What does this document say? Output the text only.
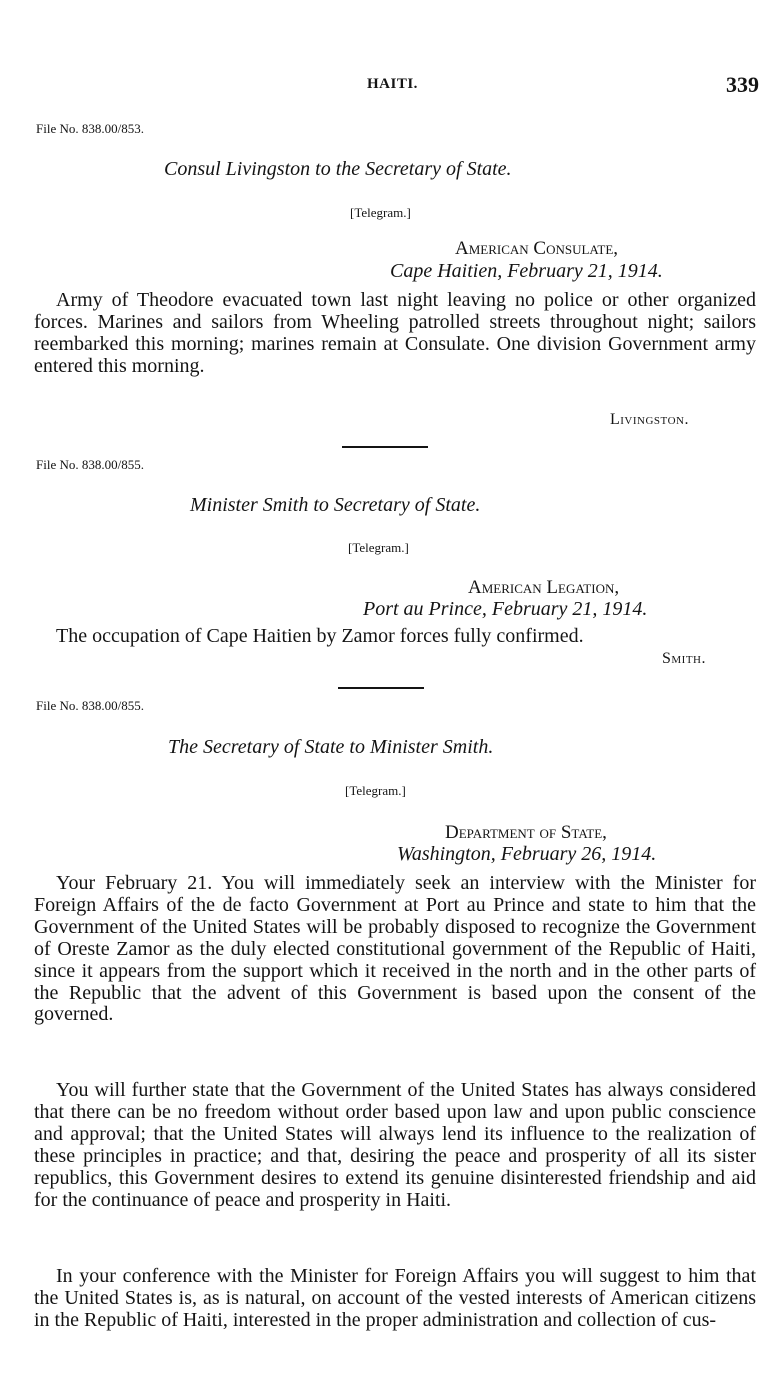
HAITI.	339
File No. 838.00/853.
Consul Livingston to the Secretary of State.
[Telegram.]
American Consulate,
Cape Haitien, February 21, 1914.

Army of Theodore evacuated town last night leaving no police or other organized forces. Marines and sailors from Wheeling patrolled streets throughout night; sailors reembarked this morning; marines remain at Consulate. One division Government army entered this morning.

Livingston.
File No. 838.00/855.
Minister Smith to Secretary of State.
[Telegram.]
American Legation,
Port au Prince, February 21, 1914.

The occupation of Cape Haitien by Zamor forces fully confirmed.

Smith.
File No. 838.00/855.
The Secretary of State to Minister Smith.
[Telegram.]
Department of State,
Washington, February 26, 1914.

Your February 21. You will immediately seek an interview with the Minister for Foreign Affairs of the de facto Government at Port au Prince and state to him that the Government of the United States will be probably disposed to recognize the Government of Oreste Zamor as the duly elected constitutional government of the Republic of Haiti, since it appears from the support which it received in the north and in the other parts of the Republic that the advent of this Government is based upon the consent of the governed.

You will further state that the Government of the United States has always considered that there can be no freedom without order based upon law and upon public conscience and approval; that the United States will always lend its influence to the realization of these principles in practice; and that, desiring the peace and prosperity of all its sister republics, this Government desires to extend its genuine disinterested friendship and aid for the continuance of peace and prosperity in Haiti.

In your conference with the Minister for Foreign Affairs you will suggest to him that the United States is, as is natural, on account of the vested interests of American citizens in the Republic of Haiti, interested in the proper administration and collection of cus-
